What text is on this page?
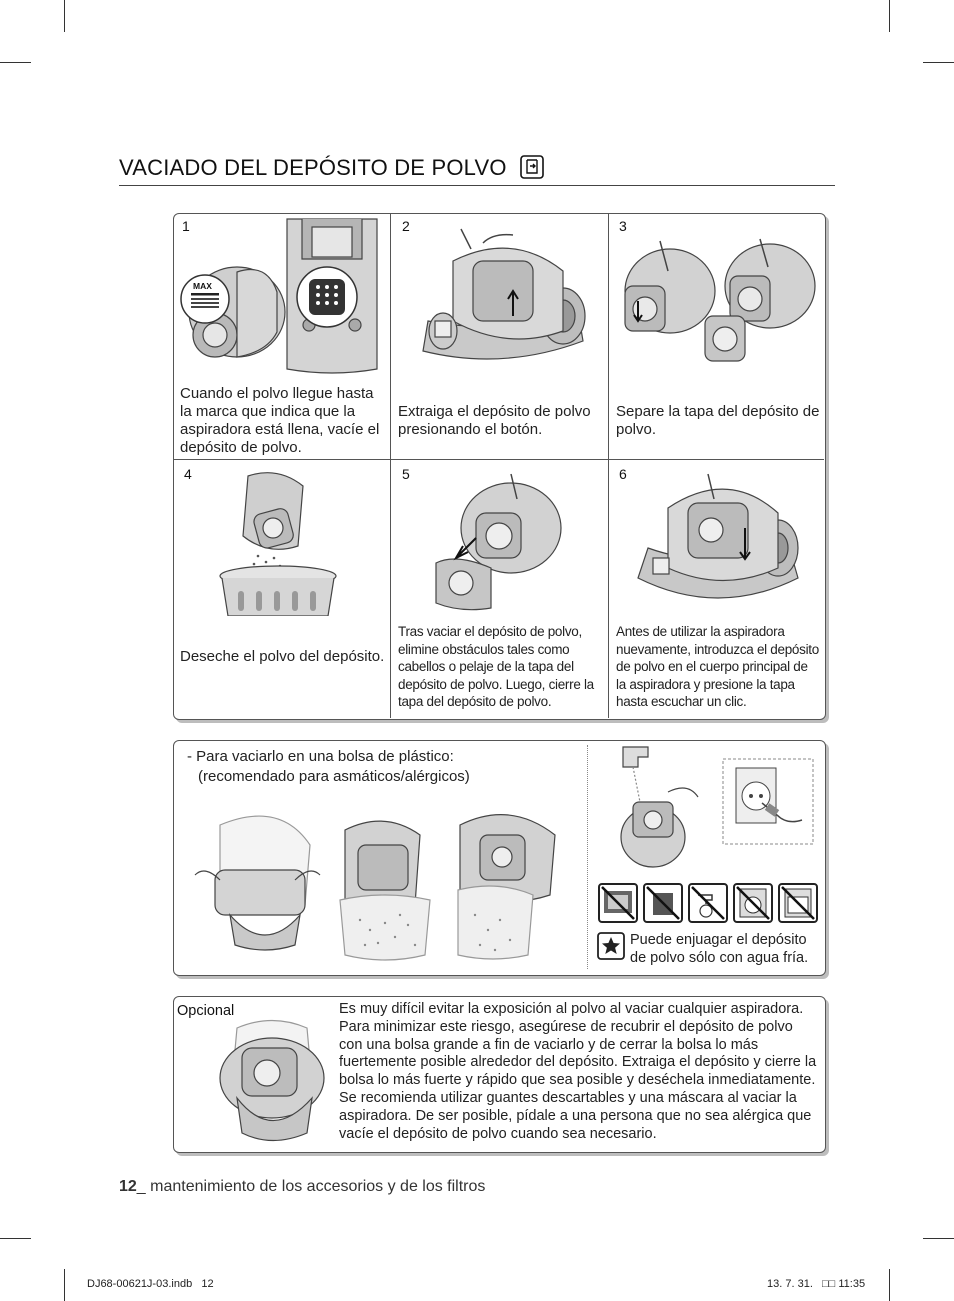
VACIADO DEL DEPÓSITO DE POLVO
1
MAX
Cuando el polvo llegue hasta la marca que indica que la aspiradora está llena, vacíe el depósito de polvo.
2
Extraiga el depósito de polvo presionando el botón.
3
Separe la tapa del depósito de polvo.
4
Deseche el polvo del depósito.
5
Tras vaciar el depósito de polvo, elimine obstáculos tales como cabellos o pelaje de la tapa del depósito de polvo. Luego, cierre la tapa del depósito de polvo.
6
Antes de utilizar la aspiradora nuevamente, introduzca el depósito de polvo en el cuerpo principal de la aspiradora y presione la tapa hasta escuchar un clic.
- Para vaciarlo en una bolsa de plástico:
(recomendado para asmáticos/alérgicos)
Puede enjuagar el depósito de polvo sólo con agua fría.
Opcional	Es muy difícil evitar la exposición al polvo al vaciar cualquier aspiradora. Para minimizar este riesgo, asegúrese de recubrir el depósito de polvo con una bolsa grande a fin de vaciarlo y de cerrar la bolsa lo más fuertemente posible alrededor del depósito. Extraiga el depósito y cierre la bolsa lo más fuerte y rápido que sea posible y deséchela inmediatamente. Se recomienda utilizar guantes descartables y una máscara al vaciar la aspiradora. De ser posible, pídale a una persona que no sea alérgica que vacíe el depósito de polvo cuando sea necesario.
12_ mantenimiento de los accesorios y de los filtros
DJ68-00621J-03.indb   12	13. 7. 31.   □□ 11:35
